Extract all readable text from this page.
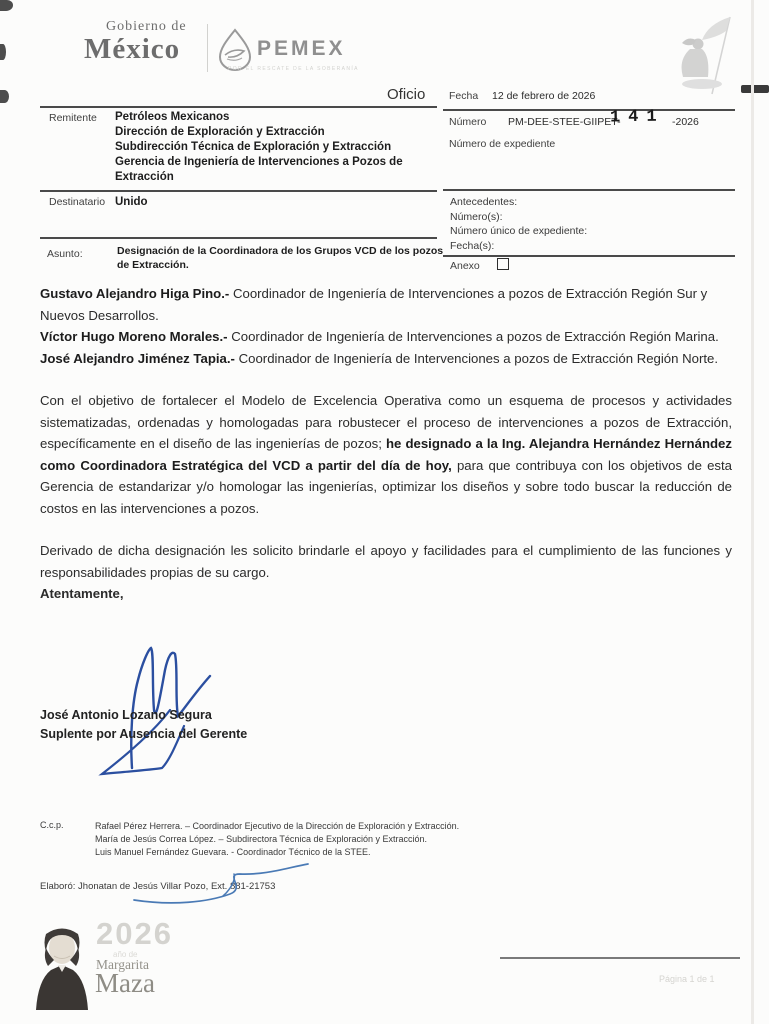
Gobierno de
México	PEMEX
POR EL RESCATE DE LA SOBERANÍA
Oficio Fecha 12 de febrero de 2026
Número PM-DEE-STEE-GIIPET-
141 -2026
Número de expediente
Remitente Petróleos Mexicanos
Dirección de Exploración y Extracción
Subdirección Técnica de Exploración y Extracción
Gerencia de Ingeniería de Intervenciones a Pozos de Extracción
Destinatario Unido
Asunto:	Designación de la Coordinadora de los Grupos VCD de los pozos de Extracción.
Antecedentes:
Número(s):
Número único de expediente:
Fecha(s):
Anexo

Gustavo Alejandro Higa Pino.- Coordinador de Ingeniería de Intervenciones a pozos de Extracción Región Sur y Nuevos Desarrollos.

Víctor Hugo Moreno Morales.- Coordinador de Ingeniería de Intervenciones a pozos de Extracción Región Marina.

José Alejandro Jiménez Tapia.- Coordinador de Ingeniería de Intervenciones a pozos de Extracción Región Norte.

Con el objetivo de fortalecer el Modelo de Excelencia Operativa como un esquema de procesos y actividades sistematizadas, ordenadas y homologadas para robustecer el proceso de intervenciones a pozos de Extracción, específicamente en el diseño de las ingenierías de pozos; he designado a la Ing. Alejandra Hernández Hernández como Coordinadora Estratégica del VCD a partir del día de hoy, para que contribuya con los objetivos de esta Gerencia de estandarizar y/o homologar las ingenierías, optimizar los diseños y sobre todo buscar la reducción de costos en las intervenciones a pozos.

Derivado de dicha designación les solicito brindarle el apoyo y facilidades para el cumplimiento de las funciones y responsabilidades propias de su cargo.

Atentamente,

José Antonio Lozano Segura
Suplente por Ausencia del Gerente
C.c.p.	Rafael Pérez Herrera. – Coordinador Ejecutivo de la Dirección de Exploración y Extracción.
María de Jesús Correa López. – Subdirectora Técnica de Exploración y Extracción.
Luis Manuel Fernández Guevara. - Coordinador Técnico de la STEE.
Elaboró: Jhonatan de Jesús Villar Pozo, Ext. 881-21753
2026
año de
Margarita
Maza	Página 1 de 1
